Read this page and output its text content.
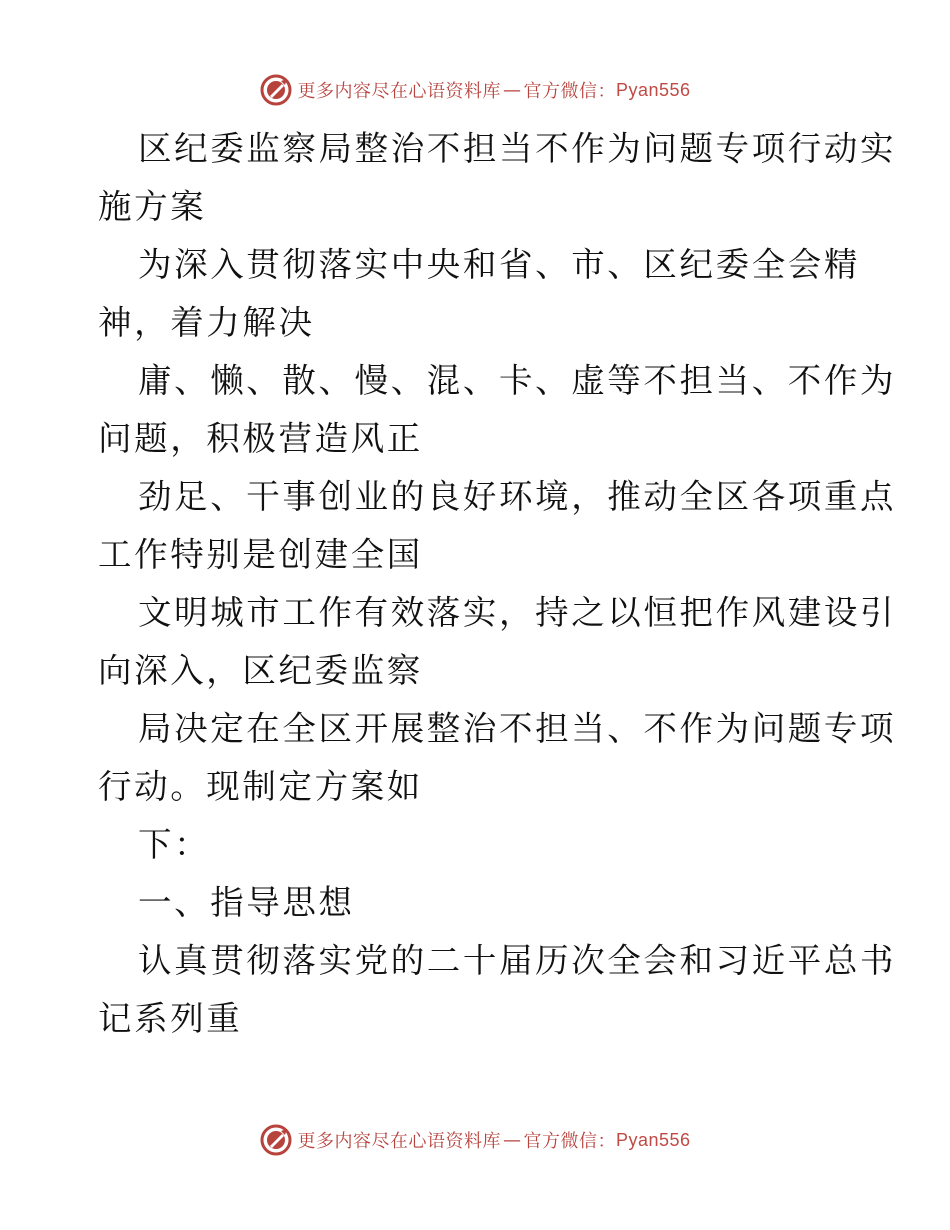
更多内容尽在心语资料库 — 官方微信： Pyan556

区纪委监察局整治不担当不作为问题专项行动实
施方案

为深入贯彻落实中央和省、市、区纪委全会精
神，着力解决

庸、懒、散、慢、混、卡、虚等不担当、不作为
问题，积极营造风正

劲足、干事创业的良好环境，推动全区各项重点
工作特别是创建全国

文明城市工作有效落实，持之以恒把作风建设引
向深入，区纪委监察

局决定在全区开展整治不担当、不作为问题专项
行动。现制定方案如

下：

一、指导思想

认真贯彻落实党的二十届历次全会和习近平总书
记系列重

更多内容尽在心语资料库 — 官方微信： Pyan556
